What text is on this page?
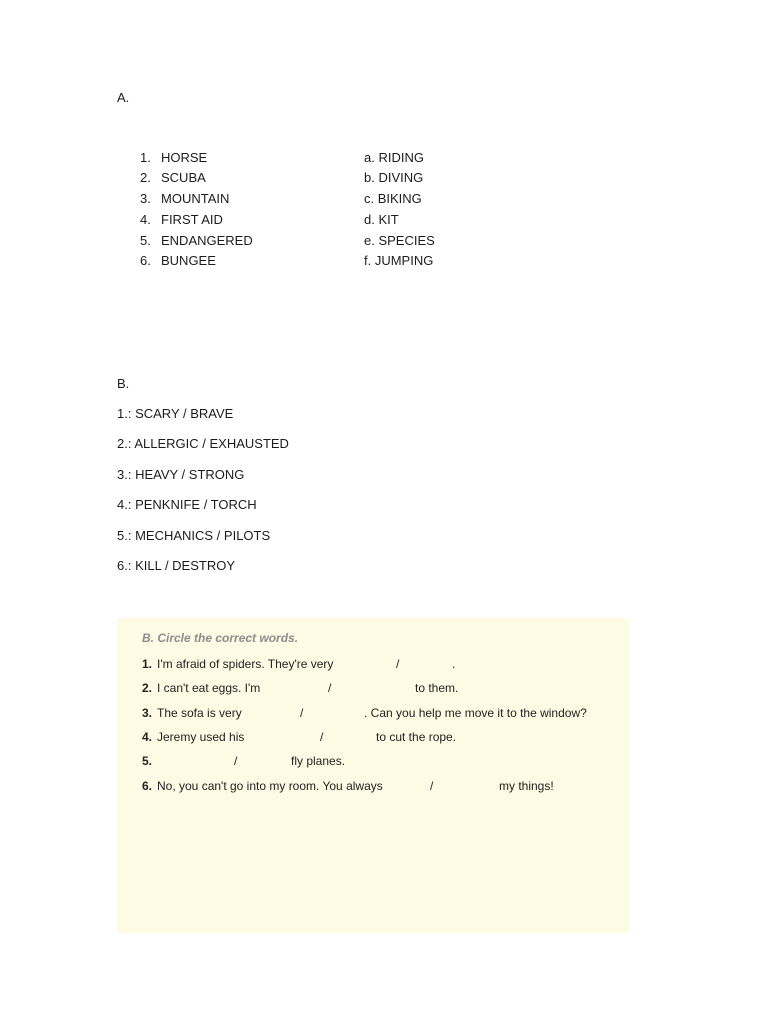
A.
1. HORSE	a. RIDING
2. SCUBA	b. DIVING
3. MOUNTAIN	c. BIKING
4. FIRST AID	d. KIT
5. ENDANGERED	e. SPECIES
6. BUNGEE	f. JUMPING
B.
1.: SCARY / BRAVE
2.: ALLERGIC / EXHAUSTED
3.: HEAVY / STRONG
4.: PENKNIFE / TORCH
5.: MECHANICS / PILOTS
6.: KILL / DESTROY
B. Circle the correct words.
1. I'm afraid of spiders. They're very	/	.
2. I can't eat eggs. I'm	/	to them.
3. The sofa is very	/	. Can you help me move it to the window?
4. Jeremy used his	/	to cut the rope.
5.	/	fly planes.
6. No, you can't go into my room. You always	/	my things!
